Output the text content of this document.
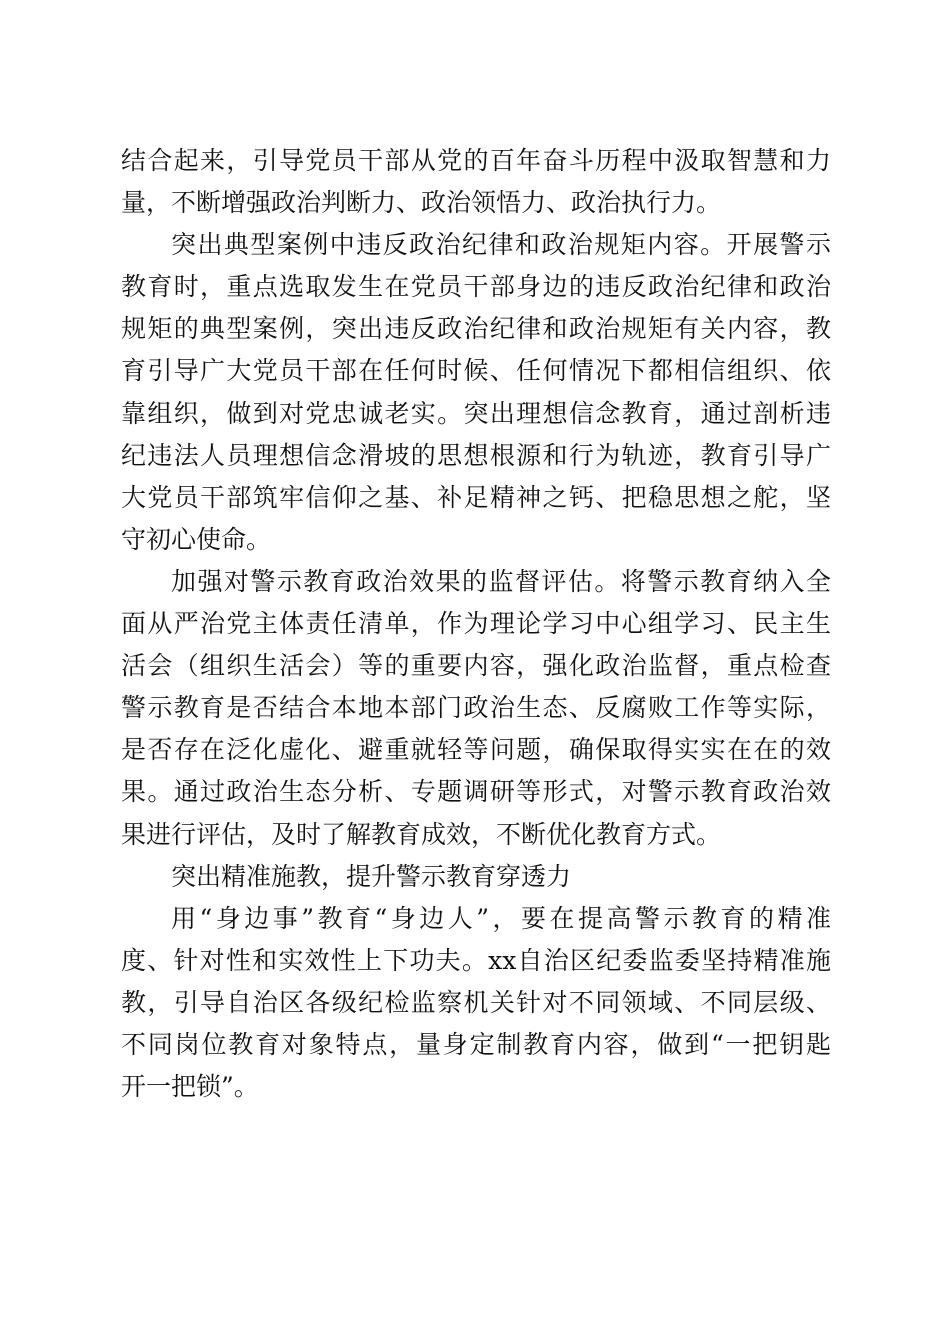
结合起来，引导党员干部从党的百年奋斗历程中汲取智慧和力
量，不断增强政治判断力、政治领悟力、政治执行力。
突出典型案例中违反政治纪律和政治规矩内容。开展警示
教育时，重点选取发生在党员干部身边的违反政治纪律和政治
规矩的典型案例，突出违反政治纪律和政治规矩有关内容，教
育引导广大党员干部在任何时候、任何情况下都相信组织、依
靠组织，做到对党忠诚老实。突出理想信念教育，通过剖析违
纪违法人员理想信念滑坡的思想根源和行为轨迹，教育引导广
大党员干部筑牢信仰之基、补足精神之钙、把稳思想之舵，坚
守初心使命。
加强对警示教育政治效果的监督评估。将警示教育纳入全
面从严治党主体责任清单，作为理论学习中心组学习、民主生
活会（组织生活会）等的重要内容，强化政治监督，重点检查
警示教育是否结合本地本部门政治生态、反腐败工作等实际，
是否存在泛化虚化、避重就轻等问题，确保取得实实在在的效
果。通过政治生态分析、专题调研等形式，对警示教育政治效
果进行评估，及时了解教育成效，不断优化教育方式。
突出精准施教，提升警示教育穿透力
用“身边事”教育“身边人”，要在提高警示教育的精准
度、针对性和实效性上下功夫。xx自治区纪委监委坚持精准施
教，引导自治区各级纪检监察机关针对不同领域、不同层级、
不同岗位教育对象特点，量身定制教育内容，做到“一把钥匙
开一把锁”。
